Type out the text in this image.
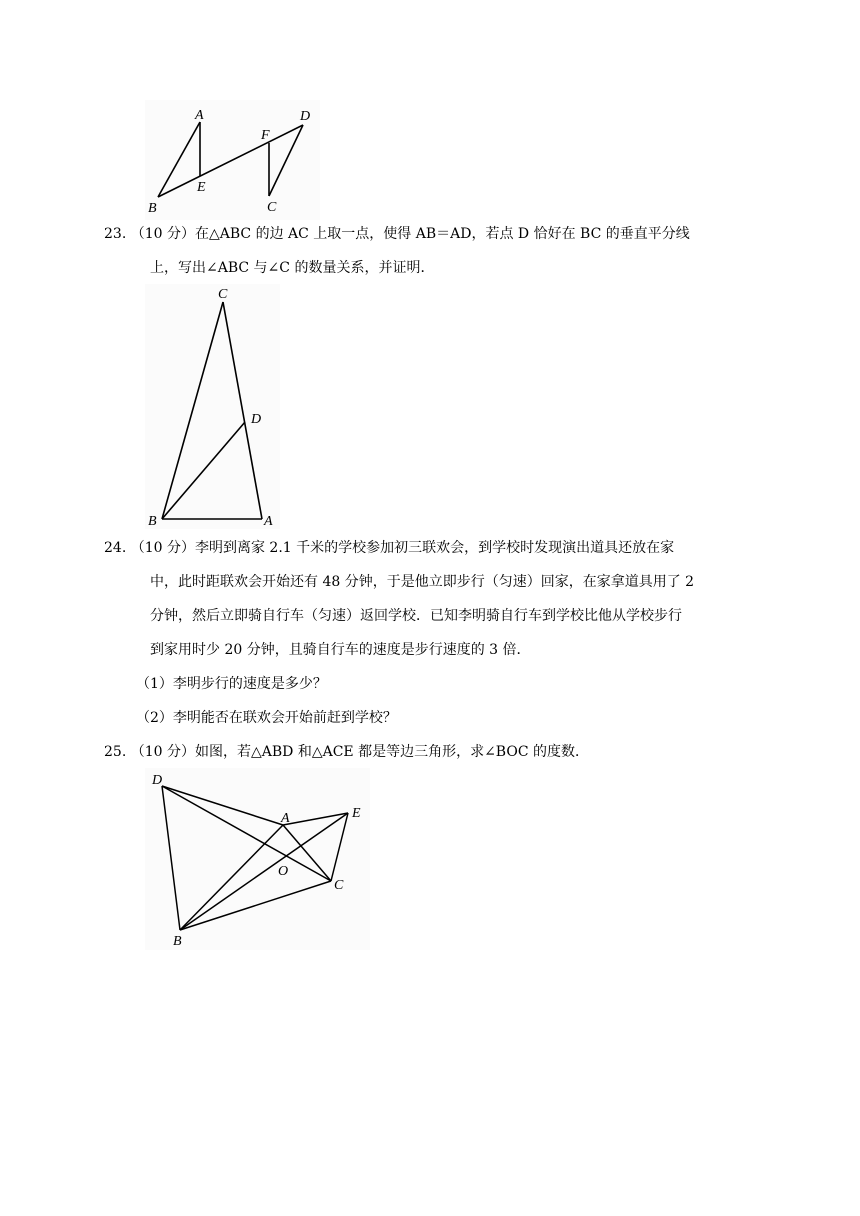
A
B
E
F
D
C
23. （10 分）在△ABC 的边 AC 上取一点，使得 AB＝AD，若点 D 恰好在 BC 的垂直平分线
上，写出∠ABC 与∠C 的数量关系，并证明．
C
D
B	A
24. （10 分）李明到离家 2.1 千米的学校参加初三联欢会，到学校时发现演出道具还放在家
中，此时距联欢会开始还有 48 分钟，于是他立即步行（匀速）回家，在家拿道具用了 2
分钟，然后立即骑自行车（匀速）返回学校．已知李明骑自行车到学校比他从学校步行
到家用时少 20 分钟，且骑自行车的速度是步行速度的 3 倍．
（1）李明步行的速度是多少？
（2）李明能否在联欢会开始前赶到学校？
25. （10 分）如图，若△ABD 和△ACE 都是等边三角形，求∠BOC 的度数．
D
A	E
O
C
B
